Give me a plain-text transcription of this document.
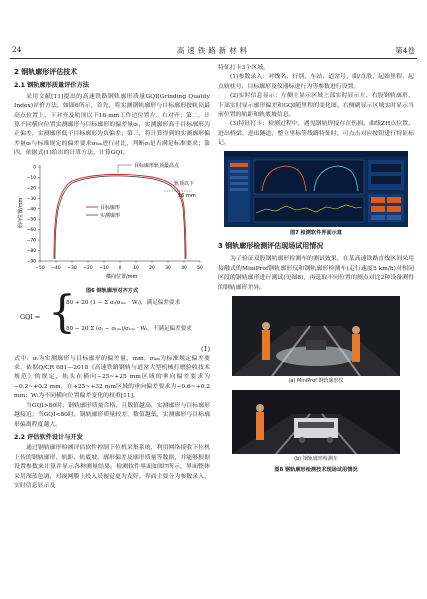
24	高速铁路新材料	第4卷
2 钢轨廓形评估技术
2.1 钢轨廓形质量评价方法

采用文献[11]提出的高速铁路钢轨廓形质量GQI(Grinding Quality Index)评价方法。如图6所示，首先，将实测钢轨廓形与目标廓形按轨顶最高点位置上、下对齐及轨顶以下16 mm工作边位置左、右对齐；第二，计算不同横向位置实测廓形与目标廓形的偏差量σᵢ，实测廓形高于目标廓形为正偏差，实测廓形低于目标廓形为负偏差；第三，将计算得到的实测廓形偏差量σᵢ与标准规定的偏差要求σₗᵢₘ进行对比，判断σᵢ是否满足标准要求；第四，依据式(1)给出的计算方法，计算GQI。

0
−10
−20
−30
−40
−50
−60
−70
−80
−90
−50 −40 −30 −20 −10 0	10 20 30 40 50
目标廓形轨顶最高点
轨顶以下
16 mm
目标廓形
实测廓形
垂向位置/mm
横向位置/mm
图6 钢轨廓形对齐方式
GQI = {
80 + 20 (1 − Σ σᵢ/σₗᵢₘ · Wᵢ)，满足偏差要求
80 − 20 Σ (σᵢ − σₗᵢₘ)/σₗᵢₘ · Wᵢ，不满足偏差要求
(1)

式中：σᵢ为实测廓形与目标廓形的偏差量，mm；σₗᵢₘ为标准规定偏差要求，依据Q/CR 681—2018《高速铁路钢轨与道岔大型机械打磨验收技术规范》的规定，轨头在横向−25~+25 mm区域的垂向偏差要求为−0.2~+0.2 mm，在+25~+32 mm区域的垂向偏差要求为−0.6~+0.2 mm；Wᵢ为不同横向位置偏差变化的权重[11]。

当GQI>80时，钢轨廓形质量合格，且数值越高，实测廓形与目标廓形越接近；当GQI<80时，钢轨廓形质量较差，数值越低，实测廓形与目标廓形偏离程度越大。

2.2 评估软件设计与开发

通过钢轨廓形检测评估软件控制下位机采集系统，利用网络接收下位机上传的钢轨廓形、轨距、轨底坡、廓形偏差及廓形质量等数据，并能够根据设置参数来计算并显示各种测量结果。检测软件界面如图7所示，界面整体采用深蓝色调，对视网膜上投入员视觉更为友好。界面主要分为参数录入、实时信息显示及

特征打卡3个区域。

(1)参数录入：对线名、行别、车站、道岔号、曲/直股、起始里程、起点轨枕号、目标廓形及仪器标进行为等参数进行设置。

(2)实时信息显示：左侧主显示区域上部实时显示左、右股钢轨廓形，下部实时显示廓形偏差和GQI随里程的变化图。右侧副显示区域实时显示当前位置的轨距和轨底坡信息。

(3)特征打卡：检测过程中，遇见钢轨焊接存在伤损、曲线ZH点位置、进出桥梁、进出隧道、整立里标等线路特征时，可点击对应按钮进行特征标记。

图7 检测软件界面示意
3 钢轨廓形检测评估现场试用情况

为了验证双股钢轨廓形检测车的测试效果，在某高速铁路直线区间采用接触式的MiniProf钢轨廓形仪和钢轨廓形检测车(走行速度5 km/h)对相同区段的钢轨廓形进行测试(见图8)，再选取不同位置的测点对比2种设备测得的钢轨廓形差异。

(a) MiniProf 钢轨廓形仪
(b) 钢轨廓形检测车
图8 钢轨廓形检测技术现场试用情况
